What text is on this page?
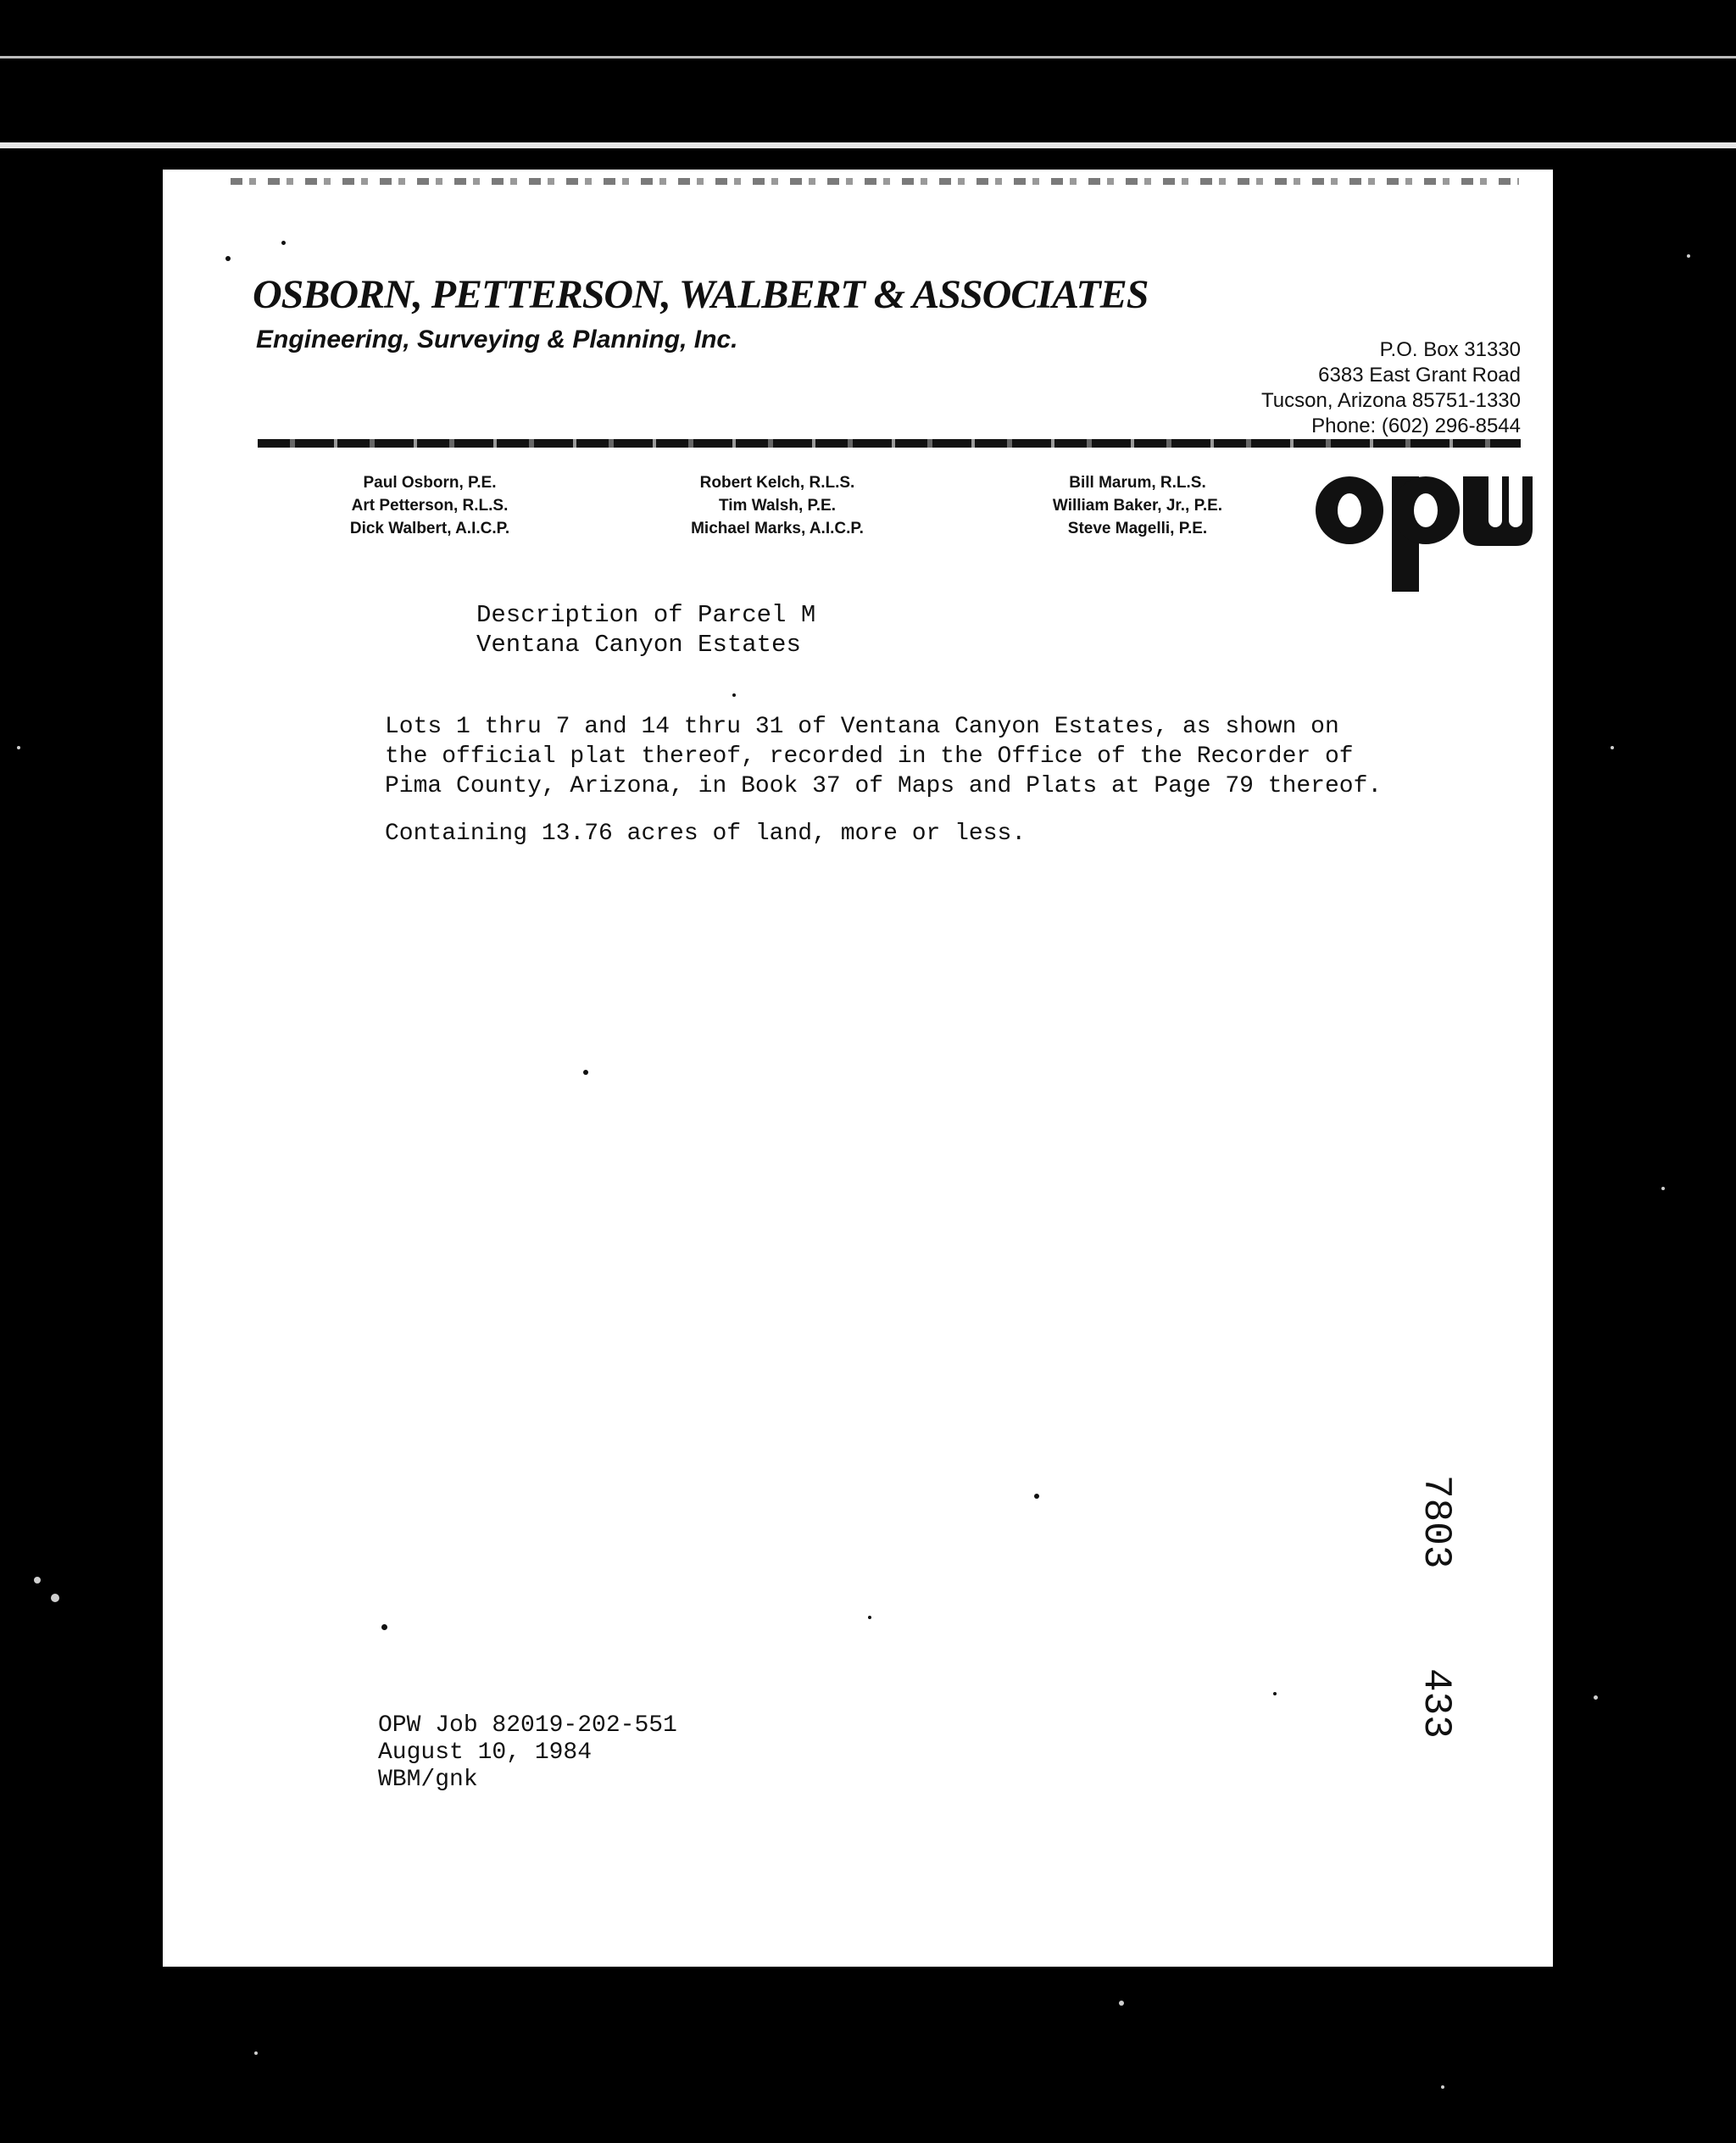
OSBORN, PETTERSON, WALBERT & ASSOCIATES
Engineering, Surveying & Planning, Inc.	P.O. Box 31330
6383 East Grant Road
Tucson, Arizona 85751-1330
Phone: (602) 296-8544
Paul Osborn, P.E.
Art Petterson, R.L.S.
Dick Walbert, A.I.C.P.
Robert Kelch, R.L.S.
Tim Walsh, P.E.
Michael Marks, A.I.C.P.
Bill Marum, R.L.S.
William Baker, Jr., P.E.
Steve Magelli, P.E.
Description of Parcel M
Ventana Canyon Estates
Lots 1 thru 7 and 14 thru 31 of Ventana Canyon Estates, as shown on
the official plat thereof, recorded in the Office of the Recorder of
Pima County, Arizona, in Book 37 of Maps and Plats at Page 79 thereof.
Containing 13.76 acres of land, more or less.
OPW Job 82019-202-551
August 10, 1984
WBM/gnk
7803 433
